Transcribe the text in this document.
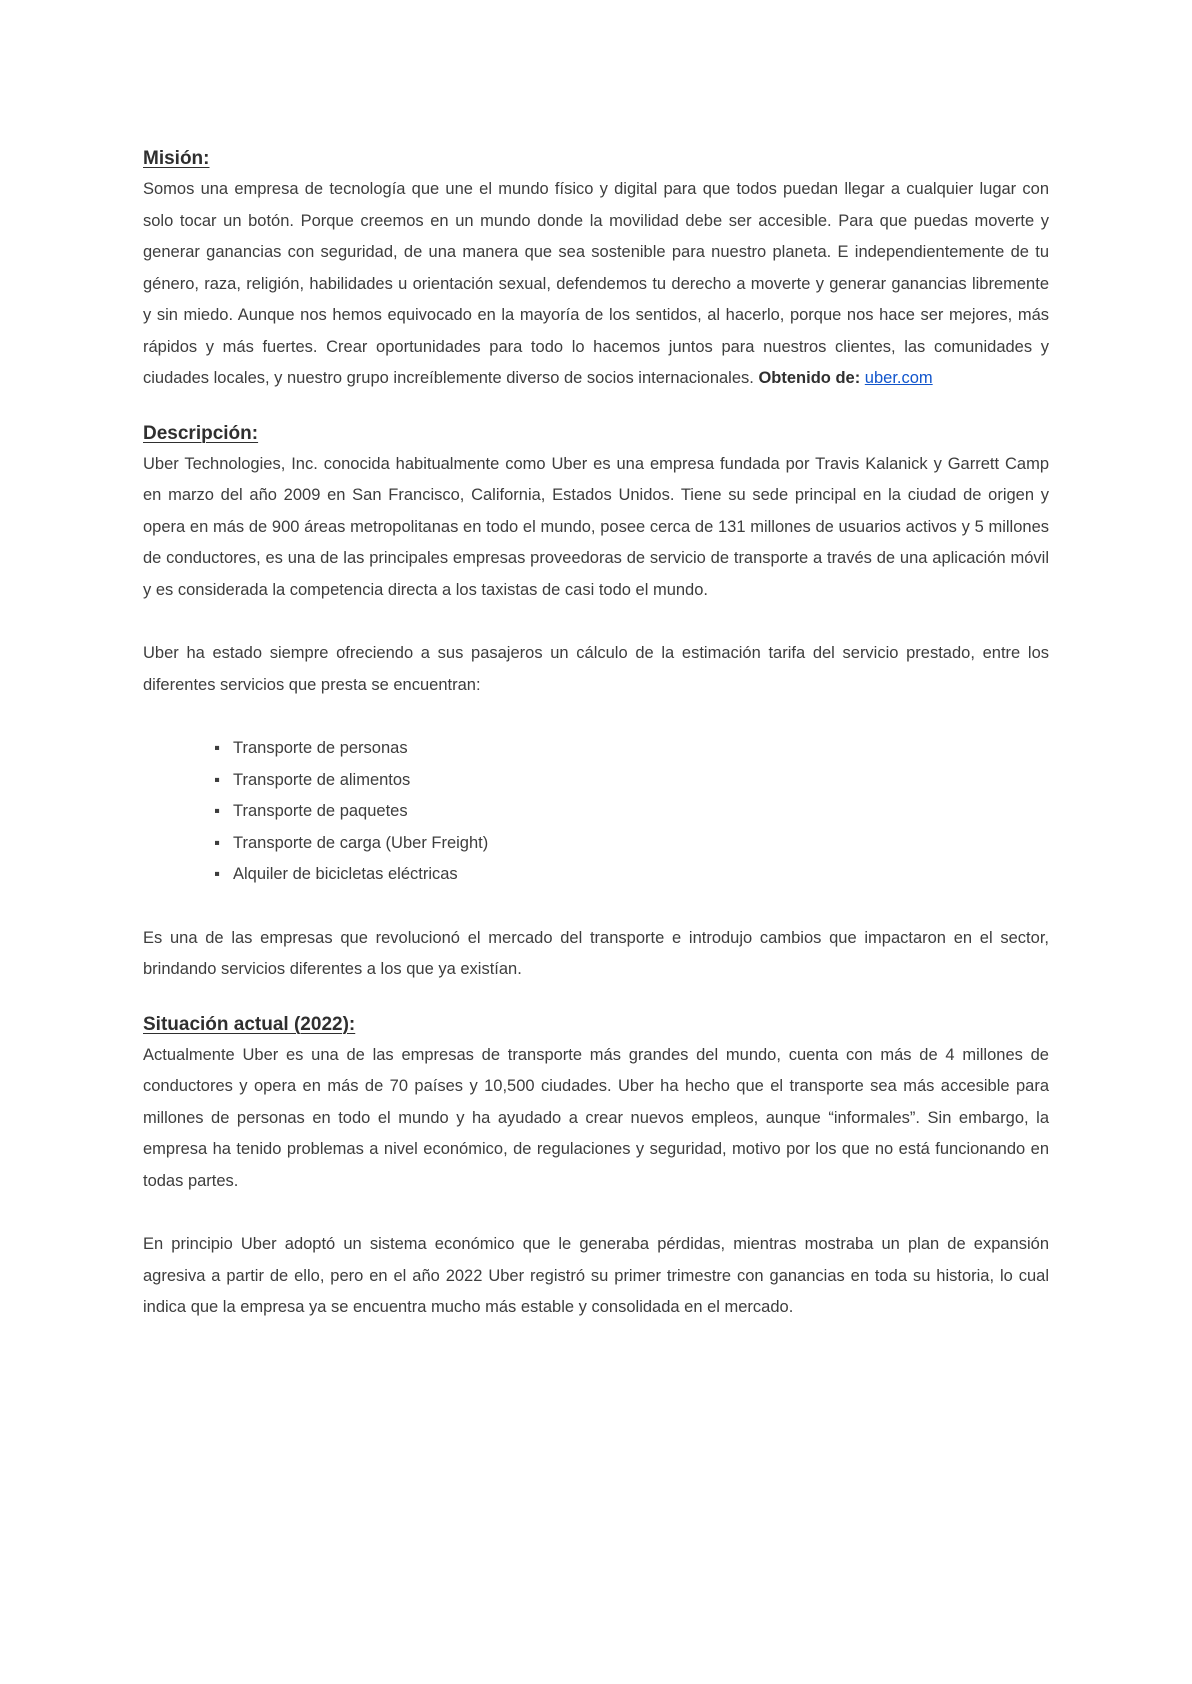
Misión:

Somos una empresa de tecnología que une el mundo físico y digital para que todos puedan llegar a cualquier lugar con solo tocar un botón. Porque creemos en un mundo donde la movilidad debe ser accesible. Para que puedas moverte y generar ganancias con seguridad, de una manera que sea sostenible para nuestro planeta. E independientemente de tu género, raza, religión, habilidades u orientación sexual, defendemos tu derecho a moverte y generar ganancias libremente y sin miedo. Aunque nos hemos equivocado en la mayoría de los sentidos, al hacerlo, porque nos hace ser mejores, más rápidos y más fuertes. Crear oportunidades para todo lo hacemos juntos para nuestros clientes, las comunidades y ciudades locales, y nuestro grupo increíblemente diverso de socios internacionales. Obtenido de: uber.com

Descripción:

Uber Technologies, Inc. conocida habitualmente como Uber es una empresa fundada por Travis Kalanick y Garrett Camp en marzo del año 2009 en San Francisco, California, Estados Unidos. Tiene su sede principal en la ciudad de origen y opera en más de 900 áreas metropolitanas en todo el mundo, posee cerca de 131 millones de usuarios activos y 5 millones de conductores, es una de las principales empresas proveedoras de servicio de transporte a través de una aplicación móvil y es considerada la competencia directa a los taxistas de casi todo el mundo.

Uber ha estado siempre ofreciendo a sus pasajeros un cálculo de la estimación tarifa del servicio prestado, entre los diferentes servicios que presta se encuentran:

▪ Transporte de personas
▪ Transporte de alimentos
▪ Transporte de paquetes
▪ Transporte de carga (Uber Freight)
▪ Alquiler de bicicletas eléctricas

Es una de las empresas que revolucionó el mercado del transporte e introdujo cambios que impactaron en el sector, brindando servicios diferentes a los que ya existían.

Situación actual (2022):

Actualmente Uber es una de las empresas de transporte más grandes del mundo, cuenta con más de 4 millones de conductores y opera en más de 70 países y 10,500 ciudades. Uber ha hecho que el transporte sea más accesible para millones de personas en todo el mundo y ha ayudado a crear nuevos empleos, aunque “informales”. Sin embargo, la empresa ha tenido problemas a nivel económico, de regulaciones y seguridad, motivo por los que no está funcionando en todas partes.

En principio Uber adoptó un sistema económico que le generaba pérdidas, mientras mostraba un plan de expansión agresiva a partir de ello, pero en el año 2022 Uber registró su primer trimestre con ganancias en toda su historia, lo cual indica que la empresa ya se encuentra mucho más estable y consolidada en el mercado.
